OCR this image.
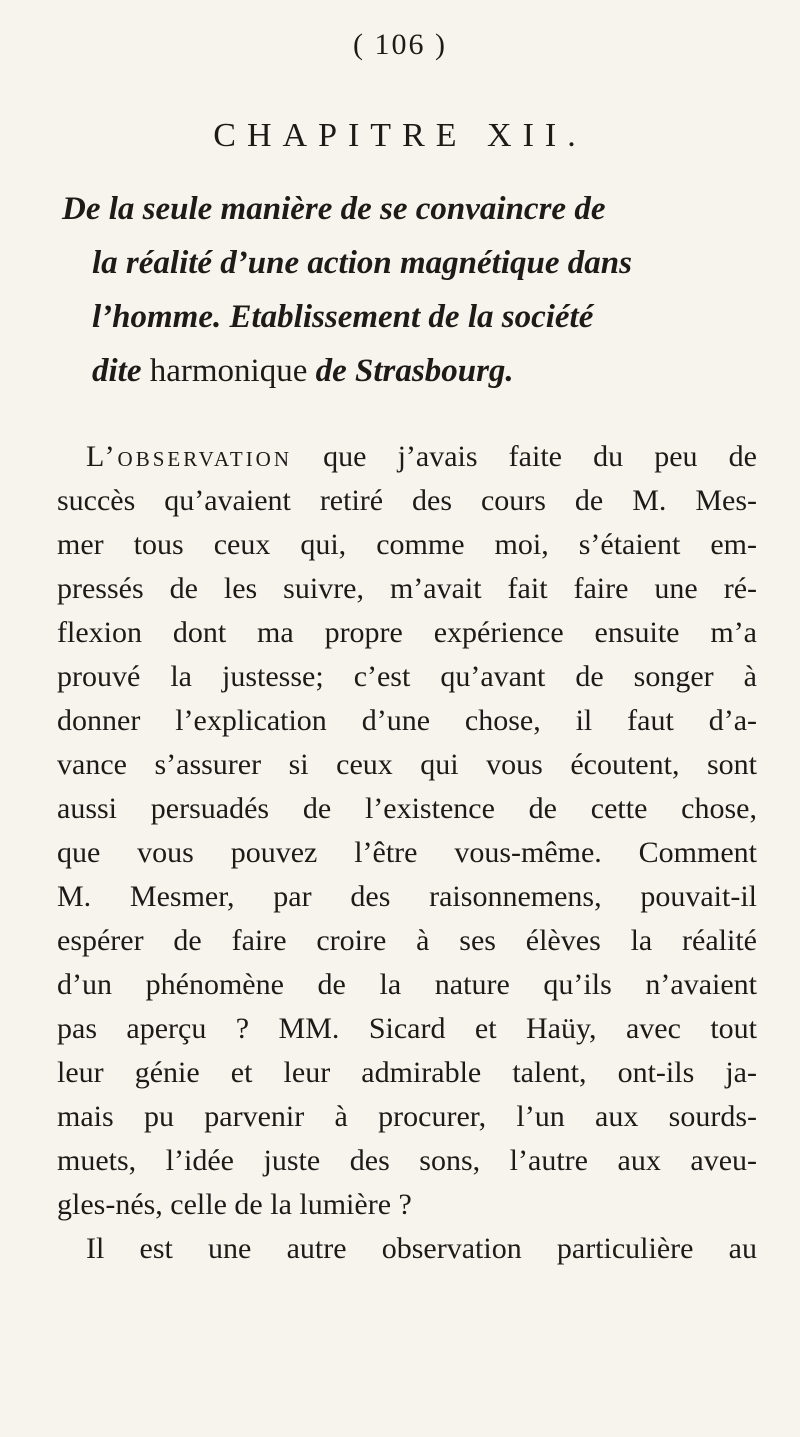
( 106 )
CHAPITRE XII.
De la seule manière de se convaincre de
la réalité d’une action magnétique dans
l’homme. Etablissement de la société
dite harmonique de Strasbourg.
L’observation que j’avais faite du peu de
succès qu’avaient retiré des cours de M. Mes-
mer tous ceux qui, comme moi, s’étaient em-
pressés de les suivre, m’avait fait faire une ré-
flexion dont ma propre expérience ensuite m’a
prouvé la justesse; c’est qu’avant de songer à
donner l’explication d’une chose, il faut d’a-
vance s’assurer si ceux qui vous écoutent, sont
aussi persuadés de l’existence de cette chose,
que vous pouvez l’être vous-même. Comment
M. Mesmer, par des raisonnemens, pouvait-il
espérer de faire croire à ses élèves la réalité
d’un phénomène de la nature qu’ils n’avaient
pas aperçu ? MM. Sicard et Haüy, avec tout
leur génie et leur admirable talent, ont-ils ja-
mais pu parvenir à procurer, l’un aux sourds-
muets, l’idée juste des sons, l’autre aux aveu-
gles-nés, celle de la lumière ?
Il est une autre observation particulière au
